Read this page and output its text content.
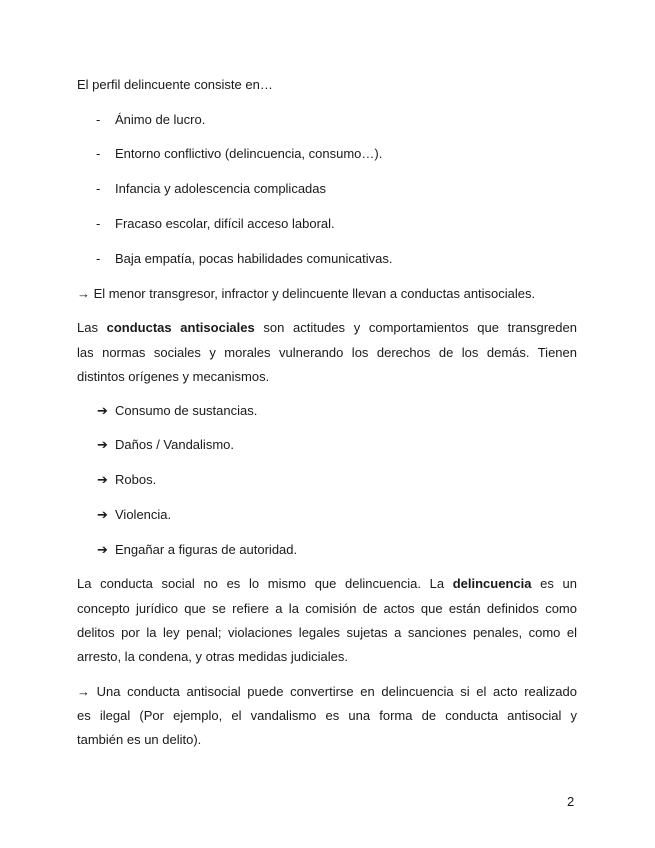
El perfil delincuente consiste en…
- Ánimo de lucro.
- Entorno conflictivo (delincuencia, consumo…).
- Infancia y adolescencia complicadas
- Fracaso escolar, difícil acceso laboral.
- Baja empatía, pocas habilidades comunicativas.
→ El menor transgresor, infractor y delincuente llevan a conductas antisociales.
Las conductas antisociales son actitudes y comportamientos que transgreden
las normas sociales y morales vulnerando los derechos de los demás. Tienen
distintos orígenes y mecanismos.
➔ Consumo de sustancias.
➔ Daños / Vandalismo.
➔ Robos.
➔ Violencia.
➔ Engañar a figuras de autoridad.
La conducta social no es lo mismo que delincuencia. La delincuencia es un
concepto jurídico que se refiere a la comisión de actos que están definidos como
delitos por la ley penal; violaciones legales sujetas a sanciones penales, como el
arresto, la condena, y otras medidas judiciales.
→ Una conducta antisocial puede convertirse en delincuencia si el acto realizado
es ilegal (Por ejemplo, el vandalismo es una forma de conducta antisocial y
también es un delito).
2
